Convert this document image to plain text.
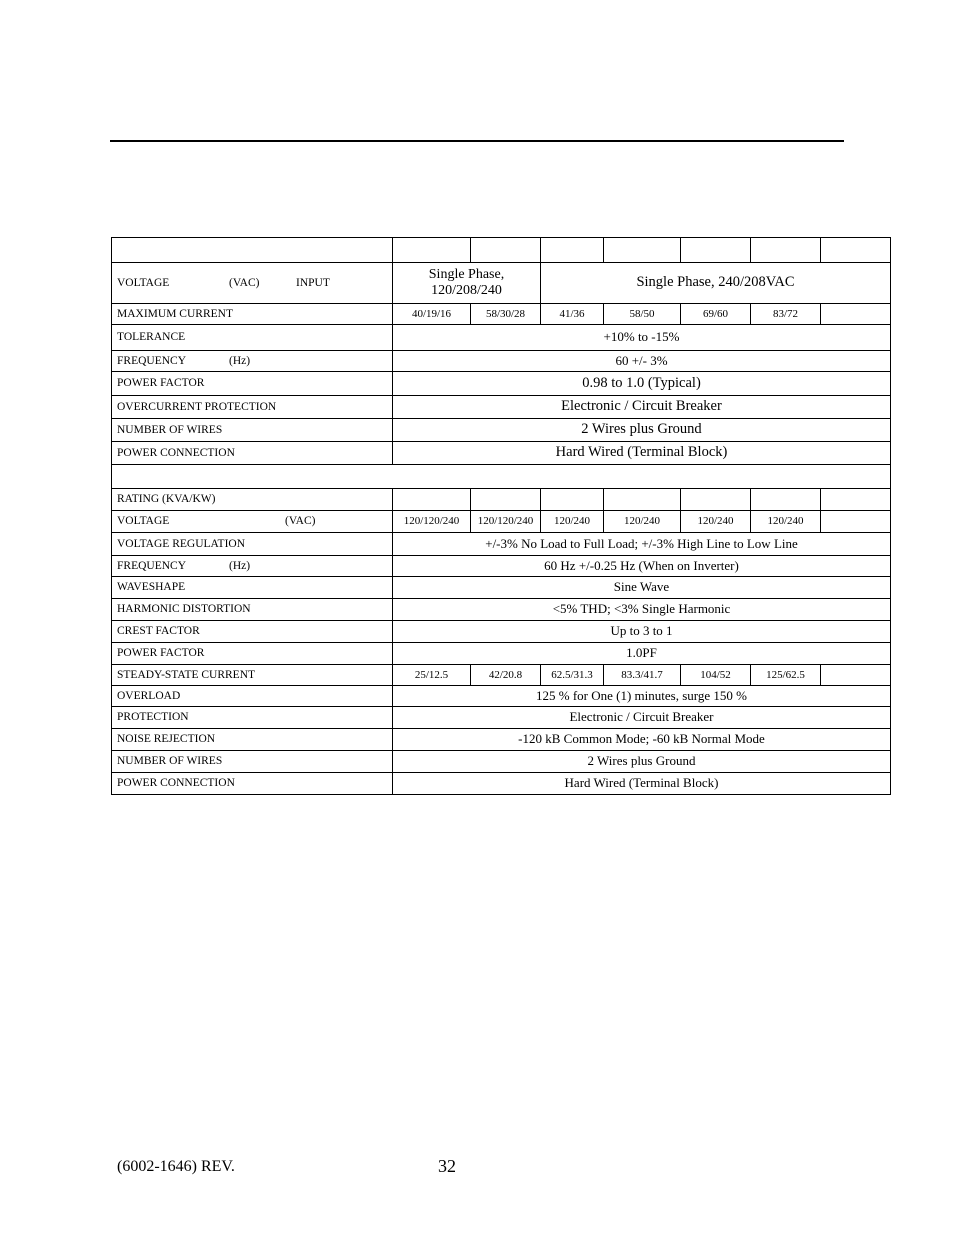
VOLTAGE (VAC) INPUT	Single Phase, 120/208/240		Single Phase, 240/208VAC				
MAXIMUM CURRENT	40/19/16	58/30/28	41/36	58/50	69/60	83/72	
TOLERANCE	+10% to -15%						
FREQUENCY (Hz)	60 +/- 3%						
POWER FACTOR	0.98 to 1.0 (Typical)						
OVERCURRENT PROTECTION	Electronic / Circuit Breaker						
NUMBER OF WIRES	2 Wires plus Ground						
POWER CONNECTION	Hard Wired (Terminal Block)						

RATING (KVA/KW)							
VOLTAGE (VAC)	120/120/240	120/120/240	120/240	120/240	120/240	120/240	
VOLTAGE REGULATION	+/-3% No Load to Full Load; +/-3% High Line to Low Line						
FREQUENCY (Hz)	60 Hz +/-0.25 Hz (When on Inverter)						
WAVESHAPE	Sine Wave						
HARMONIC DISTORTION	<5% THD; <3% Single Harmonic						
CREST FACTOR	Up to 3 to 1						
POWER FACTOR	1.0PF						
STEADY-STATE CURRENT	25/12.5	42/20.8	62.5/31.3	83.3/41.7	104/52	125/62.5	
OVERLOAD	125 % for One (1) minutes, surge 150 %						
PROTECTION	Electronic / Circuit Breaker						
NOISE REJECTION	-120 kB Common Mode; -60 kB Normal Mode						
NUMBER OF WIRES	2 Wires plus Ground						
POWER CONNECTION	Hard Wired (Terminal Block)						
(6002-1646) REV.	32
